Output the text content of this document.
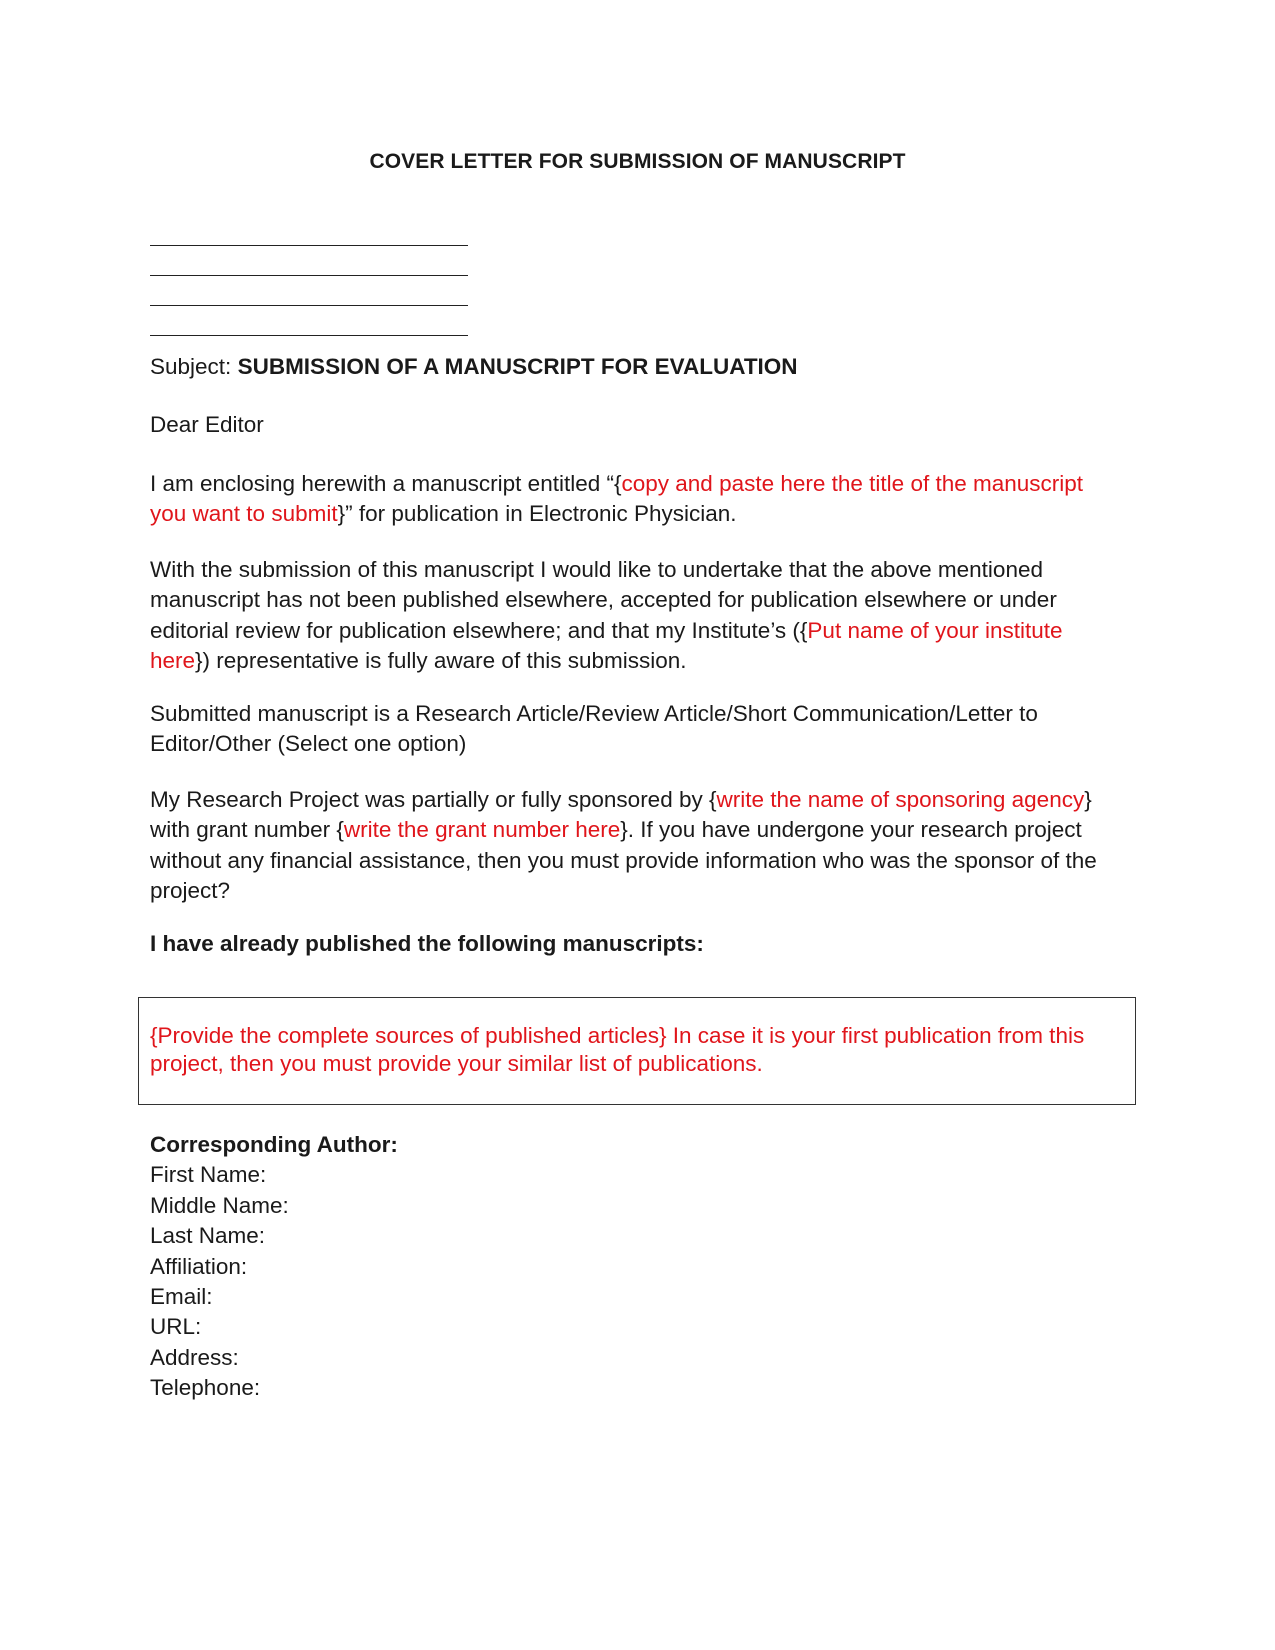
COVER LETTER FOR SUBMISSION OF MANUSCRIPT
Subject: SUBMISSION OF A MANUSCRIPT FOR EVALUATION
Dear Editor
I am enclosing herewith a manuscript entitled “{copy and paste here the title of the manuscript you want to submit}” for publication in Electronic Physician.
With the submission of this manuscript I would like to undertake that the above mentioned manuscript has not been published elsewhere, accepted for publication elsewhere or under editorial review for publication elsewhere; and that my Institute’s ({Put name of your institute here}) representative is fully aware of this submission.
Submitted manuscript is a Research Article/Review Article/Short Communication/Letter to Editor/Other (Select one option)
My Research Project was partially or fully sponsored by {write the name of sponsoring agency} with grant number {write the grant number here}. If you have undergone your research project without any financial assistance, then you must provide information who was the sponsor of the project?
I have already published the following manuscripts:
{Provide the complete sources of published articles} In case it is your first publication from this project, then you must provide your similar list of publications.
Corresponding Author:
First Name:
Middle Name:
Last Name:
Affiliation:
Email:
URL:
Address:
Telephone:
